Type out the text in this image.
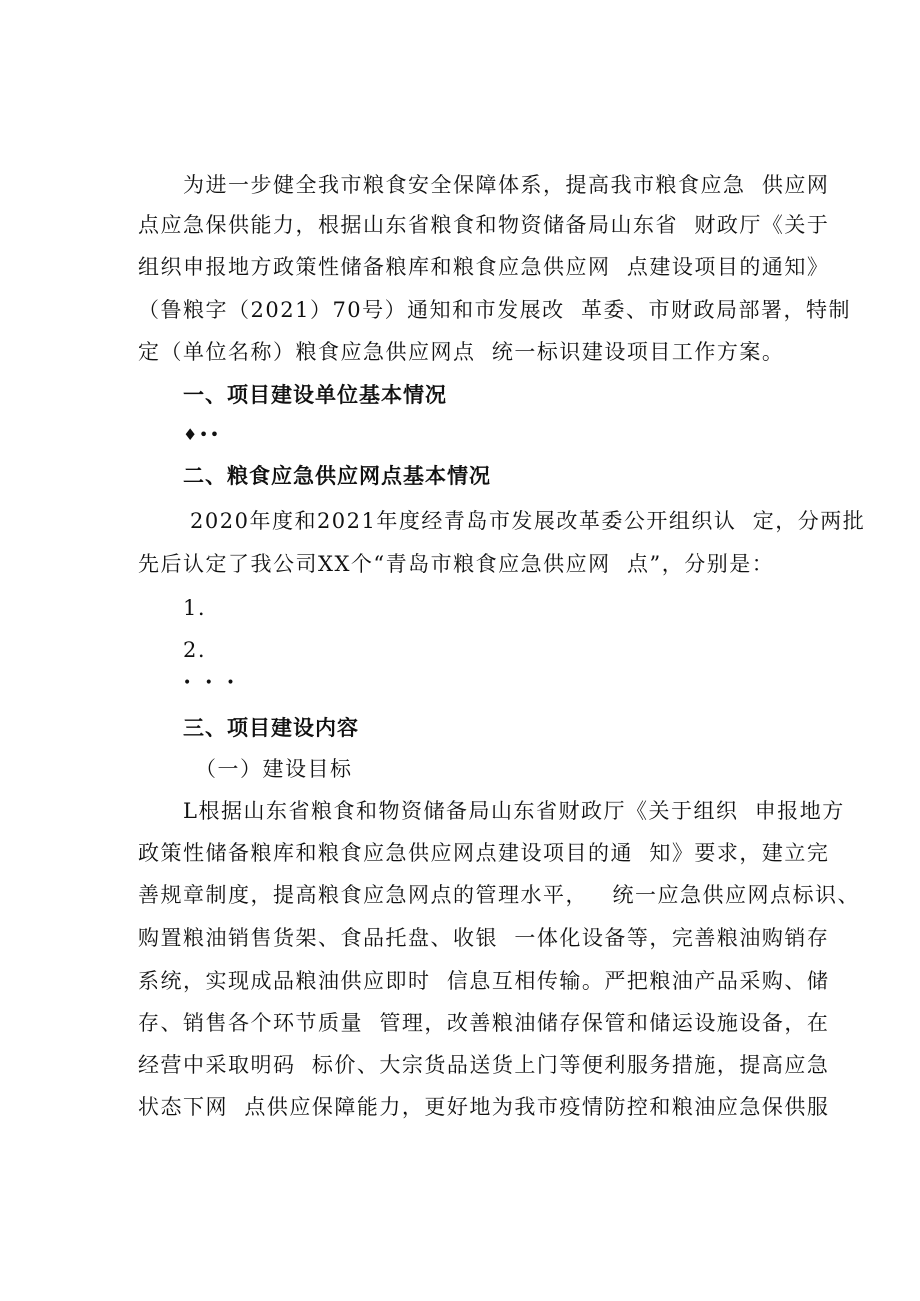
为进一步健全我市粮食安全保障体系，提高我市粮食应急  供应网
点应急保供能力，根据山东省粮食和物资储备局山东省  财政厅《关于
组织申报地方政策性储备粮库和粮食应急供应网  点建设项目的通知》
（鲁粮字（2021）70号）通知和市发展改  革委、市财政局部署，特制
定（单位名称）粮食应急供应网点  统一标识建设项目工作方案。
一、项目建设单位基本情况
♦••
二、粮食应急供应网点基本情况
2020年度和2021年度经青岛市发展改革委公开组织认  定，分两批
先后认定了我公司XX个“青岛市粮食应急供应网  点”，分别是：
1.
2.
•  •  •
三、项目建设内容
（一）建设目标
L根据山东省粮食和物资储备局山东省财政厅《关于组织  申报地方
政策性储备粮库和粮食应急供应网点建设项目的通  知》要求，建立完
善规章制度，提高粮食应急网点的管理水平，   统一应急供应网点标识、
购置粮油销售货架、食品托盘、收银  一体化设备等，完善粮油购销存
系统，实现成品粮油供应即时  信息互相传输。严把粮油产品采购、储
存、销售各个环节质量  管理，改善粮油储存保管和储运设施设备，在
经营中采取明码  标价、大宗货品送货上门等便利服务措施，提高应急
状态下网  点供应保障能力，更好地为我市疫情防控和粮油应急保供服
